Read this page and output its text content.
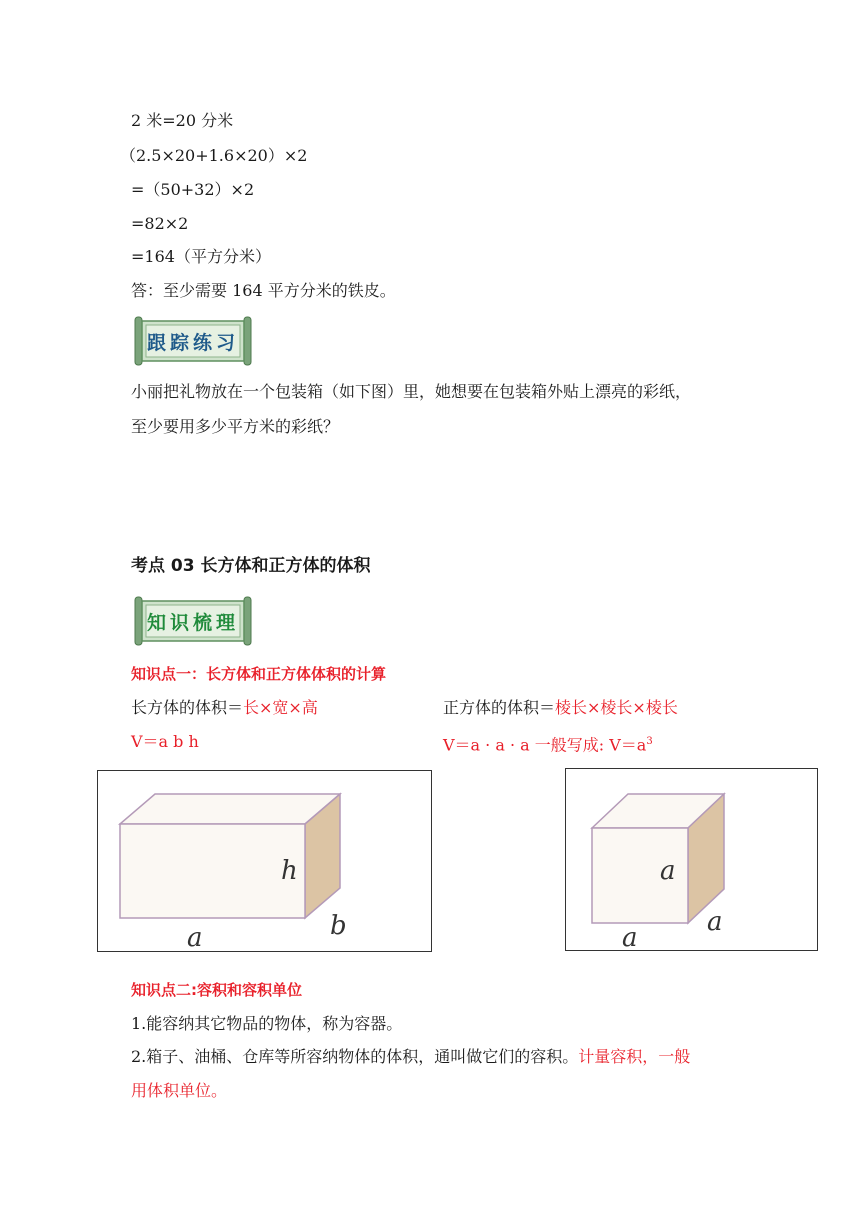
2 米=20 分米
（2.5×20+1.6×20）×2
=（50+32）×2
=82×2
=164（平方分米）
答：至少需要 164 平方分米的铁皮。
跟踪练习
小丽把礼物放在一个包装箱（如下图）里，她想要在包装箱外贴上漂亮的彩纸，
至少要用多少平方米的彩纸？
考点 03 长方体和正方体的体积
知识梳理
知识点一：长方体和正方体体积的计算
长方体的体积＝长×宽×高	正方体的体积＝棱长×棱长×棱长
V＝a b h	V＝a · a · a 一般写成: $V=a^3$
h
a	b
a
a
a
知识点二:容积和容积单位
1.能容纳其它物品的物体，称为容器。
2.箱子、油桶、仓库等所容纳物体的体积，通叫做它们的容积。计量容积，一般
用体积单位。
